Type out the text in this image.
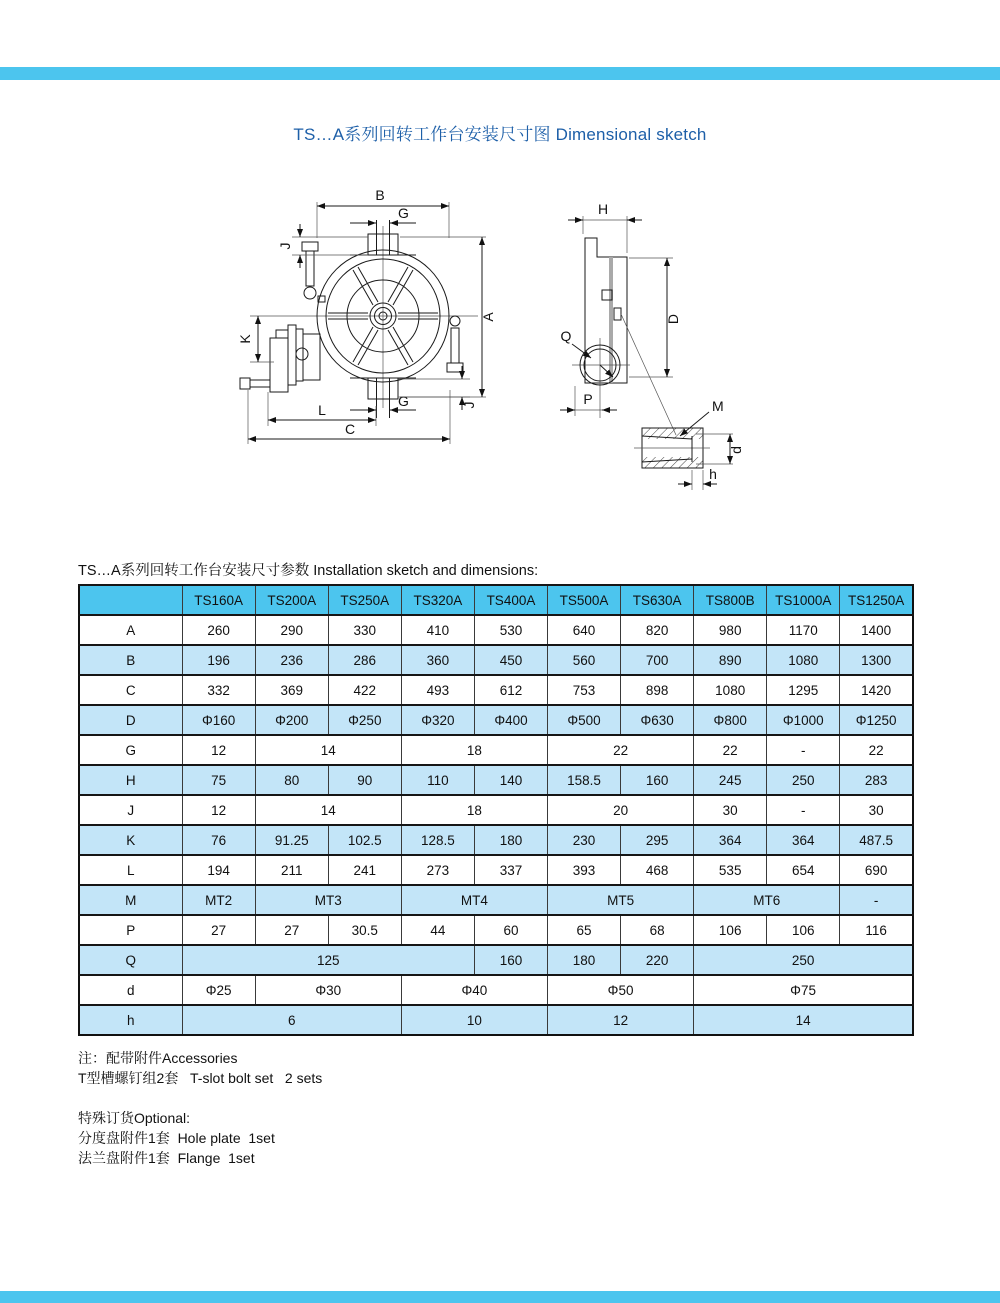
TS…A系列回转工作台安装尺寸图 Dimensional sketch
B
G
J
A
K
L
C
G	J
H
D
Q
P	M
d
h
TS…A系列回转工作台安装尺寸参数 Installation sketch and dimensions:
	TS160A	TS200A	TS250A	TS320A	TS400A	TS500A	TS630A	TS800B	TS1000A	TS1250A
A	260	290	330	410	530	640	820	980	1170	1400
B	196	236	286	360	450	560	700	890	1080	1300
C	332	369	422	493	612	753	898	1080	1295	1420
D	Φ160	Φ200	Φ250	Φ320	Φ400	Φ500	Φ630	Φ800	Φ1000	Φ1250
G	12	14		18		22		22	-	22
H	75	80	90	110	140	158.5	160	245	250	283
J	12	14		18		20		30	-	30
K	76	91.25	102.5	128.5	180	230	295	364	364	487.5
L	194	211	241	273	337	393	468	535	654	690
M	MT2	MT3		MT4		MT5		MT6		-
P	27	27	30.5	44	60	65	68	106	106	116
Q	125				160	180	220	250		
d	Φ25	Φ30		Φ40		Φ50		Φ75		
h	6			10		12		14		
注：配带附件Accessories
T型槽螺钉组2套   T-slot bolt set   2 sets
特殊订货Optional:
分度盘附件1套  Hole plate  1set
法兰盘附件1套  Flange  1set
